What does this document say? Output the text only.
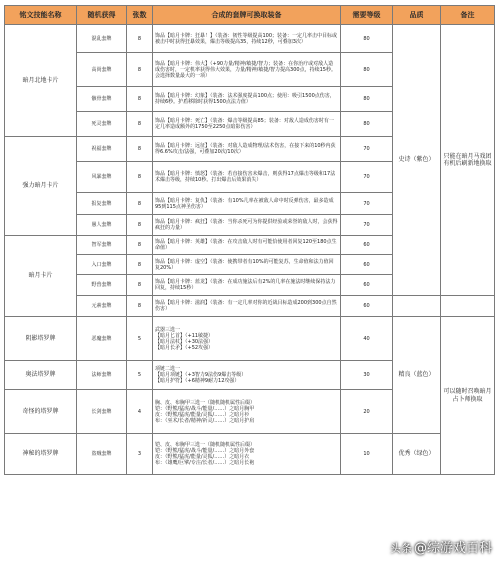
铭文技能名称	随机获得	张数	合成的套牌可换取装备	需要等级	品质	备注
暗月北地卡片	混乱套牌	8	饰品【暗月卡牌：狂暴！】（装备：韧性等级提高100；装备：一定几率击中目标或被击中时获得狂暴效果，爆击等级提高35，持续12秒，可叠加3次）	80	史诗（紫色）	只能在暗月马戏团有机后刷新地换取
	高尚套牌	8	饰品【暗月卡牌：伟大】（+90力量/精神/敏捷/智力；装备：在你治疗或对敌人造成伤害时，一定机率获得伟大效果，力量/精神/敏捷/智力提高300点，持续15秒。会选择数量最大的一项）	80		
	骸骨套牌	8	饰品【暗月卡牌：幻象】（装备：法术强度提高100点；使用：吸引1500点伤害，持续6秒。护盾移除时获得1500点法力值）	80		
	死灵套牌	8	饰品【暗月卡牌：死亡】（装备：爆击等级提高85；装备：对敌人造成伤害时有一定几率造成额外的1750至2250点暗影伤害）	80		
强力暗月卡片	祝福套牌	8	饰品【暗月卡牌：远征】（装备：对敌人造成物理/法术伤害，在接下来的10秒内获得6.6%攻击/法强，可叠加20次/10次）	70		
	风暴套牌	8	饰品【暗月卡牌：愤怒】（装备：若直接伤害未爆击，则获得17点爆击等级和17法术爆击等级，持续10秒。打出爆击后效果消失）	70		
	报复套牌	8	饰品【暗月卡牌：复仇】（装备：有10%几率在被敌人命中时反弹伤害，最多造成95到115点神圣伤害）	70		
	愚人套牌	8	饰品【暗月卡牌：疯狂】（装备：当你杀死可为你提供经验或荣誉的敌人时，会获得疯狂的力量）	70		
暗月卡片	智军套牌	8	饰品【暗月卡牌：英雄】（装备：在攻击敌人时有可能恰使用者回复120至180点生命值）	60		
	入口套牌	8	饰品【暗月卡牌：虚空】（装备：使携带者有10%的可能复苏，生命值和法力值回复20%）	60		
	野兽套牌	8	饰品【暗月卡牌：蓝龙】（装备：在成功施法后有2%的几率在施法时继续保持法力回复，持续15秒）	60		
	元素套牌	8	饰品【暗月卡牌：滋润】（装备：有一定几率对你的近战目标造成200到300点自然伤害）	60		
阴影塔罗牌	恶魔套牌	5	武器三选一
【暗月匕首】（+11敏捷）
【暗月法杖】（+30法强）
【暗月长矛】（+52攻强）	40	精良（蓝色）	可以随时召唤暗月占卜师换取
奥法塔罗牌	法师套牌	5	项链二选一
【暗月项链】（+3智力9法伤9爆击等级）
【暗月护符】（+6精神9耐力12攻强）	30		
奇怪的塔罗牌	长剑套牌	4	胸、皮、布胸甲三选一（随机随机属性后缀）
铠：（野熊/猛虎/战斗/能量/……）之暗月胸甲
皮：（野熊/猛虎/能量/灵狐/……）之暗月衫
布：（巫术/长者/精神/祈灵/……）之暗月护肩	20		
神秘的塔罗牌	盗贼套牌	3	铠、皮、布胸甲三选一（随机随机属性后缀）
铠：（野熊/猛虎/战斗/能量/……）之暗月外套
皮：（野熊/猛虎/能量/灵狐/……）之暗月衣
布：（雄鹰/巨擘/专注/长者/……）之暗月长袍	10	优秀（绿色）	
头条 @综游戏百科
